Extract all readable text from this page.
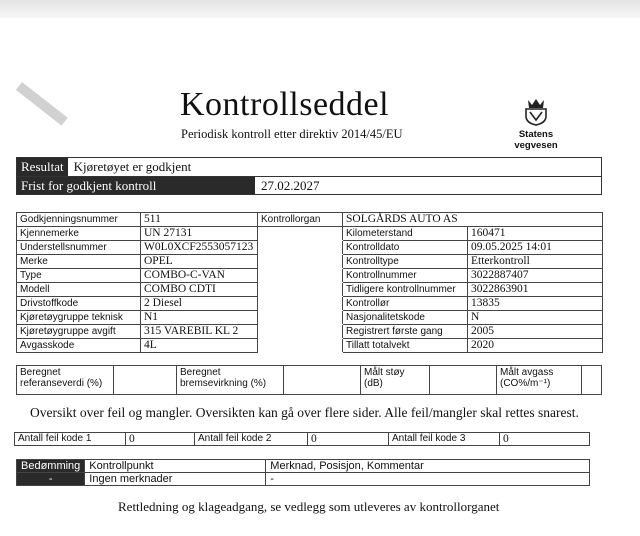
Kontrollseddel
Periodisk kontroll etter direktiv 2014/45/EU	Statens vegvesen
Resultat Kjøretøyet er godkjent
Frist for godkjent kontroll	27.02.2027
Godkjenningsnummer	511	Kontrollorgan	SOLGÅRDS AUTO AS	
Kjennemerke	UN 27131		Kilometerstand	160471
Understellsnummer	W0L0XCF2553057123		Kontrolldato	09.05.2025 14:01
Merke	OPEL		Kontrolltype	Etterkontroll
Type	COMBO-C-VAN		Kontrollnummer	3022887407
Modell	COMBO CDTI		Tidligere kontrollnummer	3022863901
Drivstoffkode	2 Diesel		Kontrollør	13835
Kjøretøygruppe teknisk	N1		Nasjonalitetskode	N
Kjøretøygruppe avgift	315 VAREBIL KL 2		Registrert første gang	2005
Avgasskode	4L		Tillatt totalvekt	2020
Beregnet referanseverdi (%)		Beregnet bremsevirkning (%)		Målt støy (dB)		Målt avgass (CO%/m⁻¹)	
Oversikt over feil og mangler. Oversikten kan gå over flere sider. Alle feil/mangler skal rettes snarest.
Antall feil kode 1	0	Antall feil kode 2	0	Antall feil kode 3	0
Bedømming	Kontrollpunkt	Merknad, Posisjon, Kommentar
-	Ingen merknader	-
Rettledning og klageadgang, se vedlegg som utleveres av kontrollorganet
